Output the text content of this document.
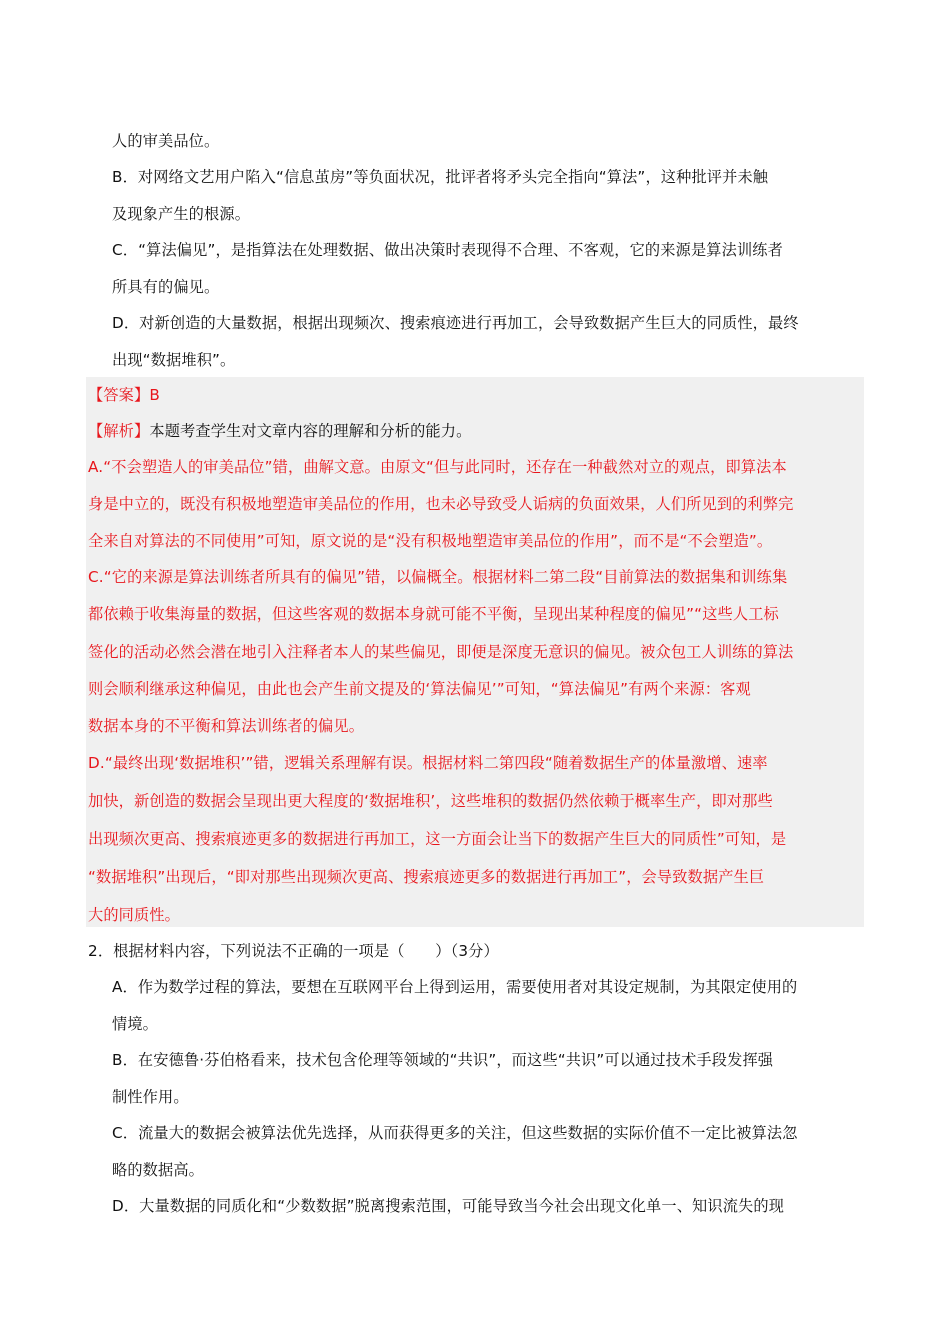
人的审美品位。
B．对网络文艺用户陷入“信息茧房”等负面状况，批评者将矛头完全指向“算法”，这种批评并未触
及现象产生的根源。
C．“算法偏见”，是指算法在处理数据、做出决策时表现得不合理、不客观，它的来源是算法训练者
所具有的偏见。
D．对新创造的大量数据，根据出现频次、搜索痕迹进行再加工，会导致数据产生巨大的同质性，最终
出现“数据堆积”。
【答案】B
【解析】本题考查学生对文章内容的理解和分析的能力。
A.“不会塑造人的审美品位”错，曲解文意。由原文“但与此同时，还存在一种截然对立的观点，即算法本
身是中立的，既没有积极地塑造审美品位的作用，也未必导致受人诟病的负面效果，人们所见到的利弊完
全来自对算法的不同使用”可知，原文说的是“没有积极地塑造审美品位的作用”，而不是“不会塑造”。
C.“它的来源是算法训练者所具有的偏见”错，以偏概全。根据材料二第二段“目前算法的数据集和训练集
都依赖于收集海量的数据，但这些客观的数据本身就可能不平衡，呈现出某种程度的偏见”“这些人工标
签化的活动必然会潜在地引入注释者本人的某些偏见，即便是深度无意识的偏见。被众包工人训练的算法
则会顺利继承这种偏见，由此也会产生前文提及的‘算法偏见’”可知，“算法偏见”有两个来源：客观
数据本身的不平衡和算法训练者的偏见。
D.“最终出现‘数据堆积’”错，逻辑关系理解有误。根据材料二第四段“随着数据生产的体量激增、速率
加快，新创造的数据会呈现出更大程度的‘数据堆积’，这些堆积的数据仍然依赖于概率生产，即对那些
出现频次更高、搜索痕迹更多的数据进行再加工，这一方面会让当下的数据产生巨大的同质性”可知，是
“数据堆积”出现后，“即对那些出现频次更高、搜索痕迹更多的数据进行再加工”，会导致数据产生巨
大的同质性。
2．根据材料内容，下列说法不正确的一项是（　　）（3分）
A．作为数学过程的算法，要想在互联网平台上得到运用，需要使用者对其设定规制，为其限定使用的
情境。
B．在安德鲁·芬伯格看来，技术包含伦理等领域的“共识”，而这些“共识”可以通过技术手段发挥强
制性作用。
C．流量大的数据会被算法优先选择，从而获得更多的关注，但这些数据的实际价值不一定比被算法忽
略的数据高。
D．大量数据的同质化和“少数数据”脱离搜索范围，可能导致当今社会出现文化单一、知识流失的现
